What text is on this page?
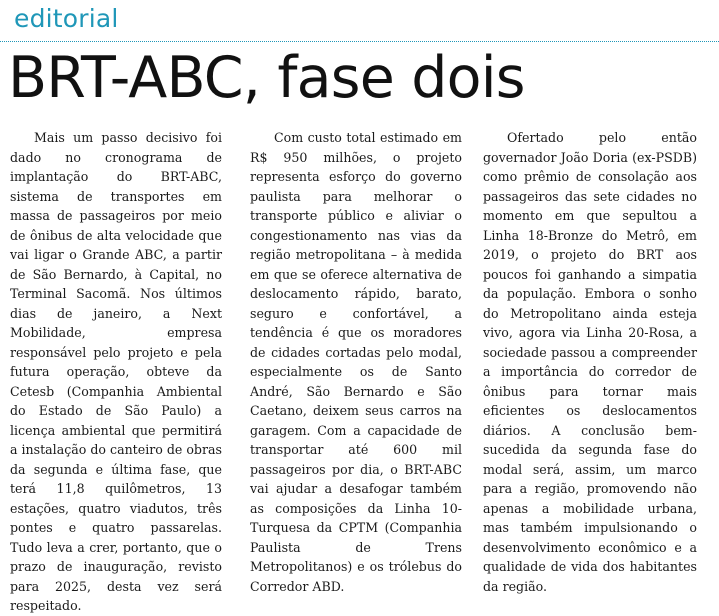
editorial
BRT-ABC, fase dois

Mais um passo decisivo foi dado no cronograma de implantação do BRT-ABC, sistema de transportes em massa de passageiros por meio de ônibus de alta velocidade que vai ligar o Grande ABC, a partir de São Bernardo, à Capital, no Terminal Sacomã. Nos últimos dias de janeiro, a Next Mobilidade, empresa responsável pelo projeto e pela futura operação, obteve da Cetesb (Companhia Ambiental do Estado de São Paulo) a licença ambiental que permitirá a instalação do canteiro de obras da segunda e última fase, que terá 11,8 quilômetros, 13 estações, quatro viadutos, três pontes e quatro passarelas. Tudo leva a crer, portanto, que o prazo de inauguração, revisto para 2025, desta vez será respeitado.

Com custo total estimado em R$ 950 milhões, o projeto representa esforço do governo paulista para melhorar o transporte público e aliviar o congestionamento nas vias da região metropolitana – à medida em que se oferece alternativa de deslocamento rápido, barato, seguro e confortável, a tendência é que os moradores de cidades cortadas pelo modal, especialmente os de Santo André, São Bernardo e São Caetano, deixem seus carros na garagem. Com a capacidade de transportar até 600 mil passageiros por dia, o BRT-ABC vai ajudar a desafogar também as composições da Linha 10-Turquesa da CPTM (Companhia Paulista de Trens Metropolitanos) e os trólebus do Corredor ABD.

Ofertado pelo então governador João Doria (ex-PSDB) como prêmio de consolação aos passageiros das sete cidades no momento em que sepultou a Linha 18-Bronze do Metrô, em 2019, o projeto do BRT aos poucos foi ganhando a simpatia da população. Embora o sonho do Metropolitano ainda esteja vivo, agora via Linha 20-Rosa, a sociedade passou a compreender a importância do corredor de ônibus para tornar mais eficientes os deslocamentos diários. A conclusão bem-sucedida da segunda fase do modal será, assim, um marco para a região, promovendo não apenas a mobilidade urbana, mas também impulsionando o desenvolvimento econômico e a qualidade de vida dos habitantes da região.
